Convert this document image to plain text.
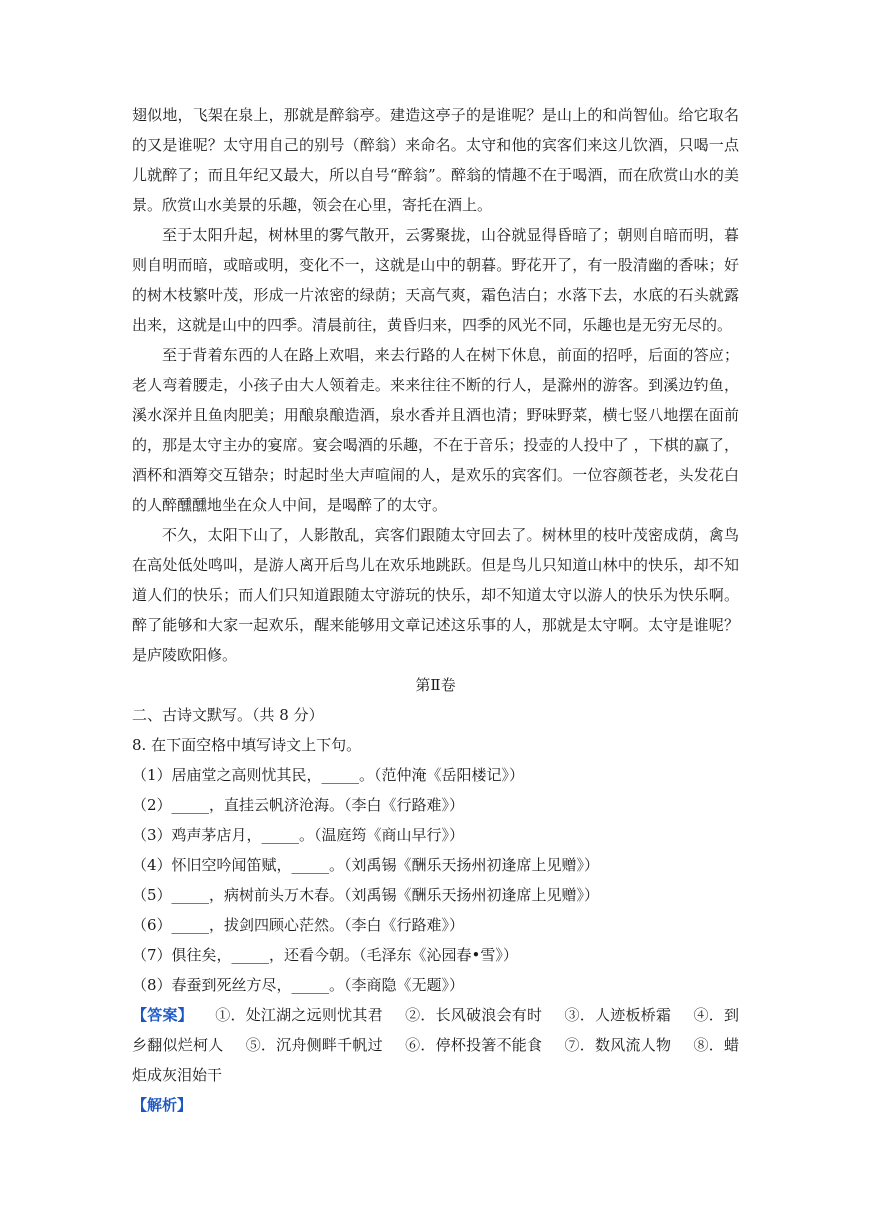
翅似地，飞架在泉上，那就是醉翁亭。建造这亭子的是谁呢？是山上的和尚智仙。给它取名的又是谁呢？太守用自己的别号（醉翁）来命名。太守和他的宾客们来这儿饮酒，只喝一点儿就醉了；而且年纪又最大，所以自号“醉翁”。醉翁的情趣不在于喝酒，而在欣赏山水的美景。欣赏山水美景的乐趣，领会在心里，寄托在酒上。

至于太阳升起，树林里的雾气散开，云雾聚拢，山谷就显得昏暗了；朝则自暗而明，暮则自明而暗，或暗或明，变化不一，这就是山中的朝暮。野花开了，有一股清幽的香味；好的树木枝繁叶茂，形成一片浓密的绿荫；天高气爽，霜色洁白；水落下去，水底的石头就露出来，这就是山中的四季。清晨前往，黄昏归来，四季的风光不同，乐趣也是无穷无尽的。

至于背着东西的人在路上欢唱，来去行路的人在树下休息，前面的招呼，后面的答应；老人弯着腰走，小孩子由大人领着走。来来往往不断的行人，是滁州的游客。到溪边钓鱼，溪水深并且鱼肉肥美；用酿泉酿造酒，泉水香并且酒也清；野味野菜，横七竖八地摆在面前的，那是太守主办的宴席。宴会喝酒的乐趣，不在于音乐；投壶的人投中了 ，下棋的赢了，酒杯和酒筹交互错杂；时起时坐大声喧闹的人，是欢乐的宾客们。一位容颜苍老，头发花白的人醉醺醺地坐在众人中间，是喝醉了的太守。

不久，太阳下山了，人影散乱，宾客们跟随太守回去了。树林里的枝叶茂密成荫，禽鸟在高处低处鸣叫，是游人离开后鸟儿在欢乐地跳跃。但是鸟儿只知道山林中的快乐，却不知道人们的快乐；而人们只知道跟随太守游玩的快乐，却不知道太守以游人的快乐为快乐啊。醉了能够和大家一起欢乐，醒来能够用文章记述这乐事的人，那就是太守啊。太守是谁呢？是庐陵欧阳修。

第Ⅱ卷

二、古诗文默写。（共 8 分）

8. 在下面空格中填写诗文上下句。

（1）居庙堂之高则忧其民，_____。（范仲淹《岳阳楼记》）

（2）_____，直挂云帆济沧海。（李白《行路难》）

（3）鸡声茅店月，_____。（温庭筠《商山早行》）

（4）怀旧空吟闻笛赋，_____。（刘禹锡《酬乐天扬州初逢席上见赠》）

（5）_____，病树前头万木春。（刘禹锡《酬乐天扬州初逢席上见赠》）

（6）_____，拔剑四顾心茫然。（李白《行路难》）

（7）俱往矣，_____，还看今朝。（毛泽东《沁园春•雪》）

（8）春蚕到死丝方尽，_____。（李商隐《无题》）

【答案】 ①．处江湖之远则忧其君 ②．长风破浪会有时 ③．人迹板桥霜 ④．到乡翻似烂柯人 ⑤．沉舟侧畔千帆过 ⑥．停杯投箸不能食 ⑦．数风流人物 ⑧．蜡炬成灰泪始干

【解析】
